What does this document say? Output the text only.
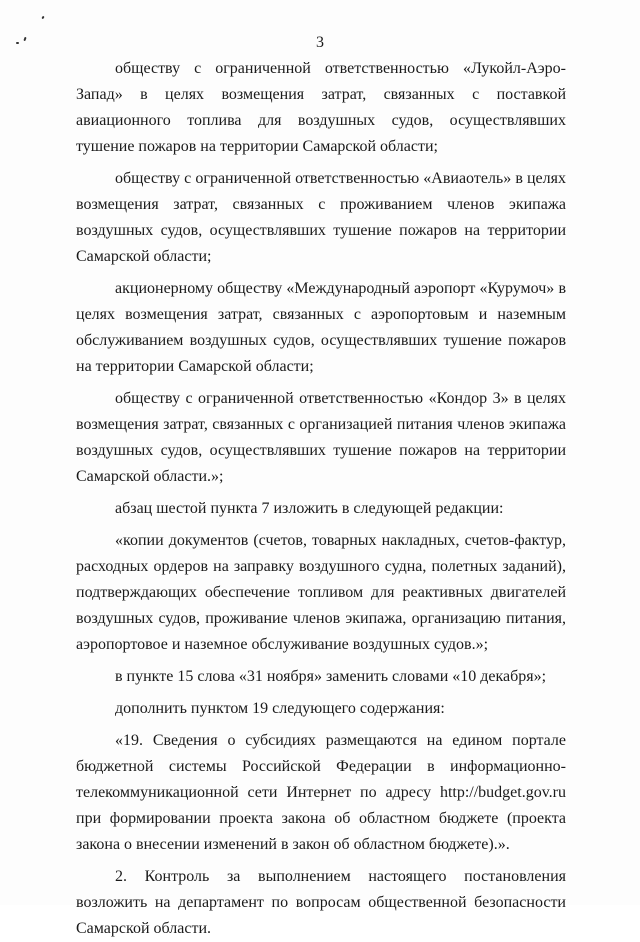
3

обществу с ограниченной ответственностью «Лукойл-Аэро-Запад» в целях возмещения затрат, связанных с поставкой авиационного топлива для воздушных судов, осуществлявших тушение пожаров на территории Самарской области;

обществу с ограниченной ответственностью «Авиаотель» в целях возмещения затрат, связанных с проживанием членов экипажа воздушных судов, осуществлявших тушение пожаров на территории Самарской области;

акционерному обществу «Международный аэропорт «Курумоч» в целях возмещения затрат, связанных с аэропортовым и наземным обслуживанием воздушных судов, осуществлявших тушение пожаров на территории Самарской области;

обществу с ограниченной ответственностью «Кондор 3» в целях возмещения затрат, связанных с организацией питания членов экипажа воздушных судов, осуществлявших тушение пожаров на территории Самарской области.»;

абзац шестой пункта 7 изложить в следующей редакции:

«копии документов (счетов, товарных накладных, счетов-фактур, расходных ордеров на заправку воздушного судна, полетных заданий), подтверждающих обеспечение топливом для реактивных двигателей воздушных судов, проживание членов экипажа, организацию питания, аэропортовое и наземное обслуживание воздушных судов.»;

в пункте 15 слова «31 ноября» заменить словами «10 декабря»;

дополнить пунктом 19 следующего содержания:

«19. Сведения о субсидиях размещаются на едином портале бюджетной системы Российской Федерации в информационно-телекоммуникационной сети Интернет по адресу http://budget.gov.ru при формировании проекта закона об областном бюджете (проекта закона о внесении изменений в закон об областном бюджете).».

2. Контроль за выполнением настоящего постановления возложить на департамент по вопросам общественной безопасности Самарской области.
